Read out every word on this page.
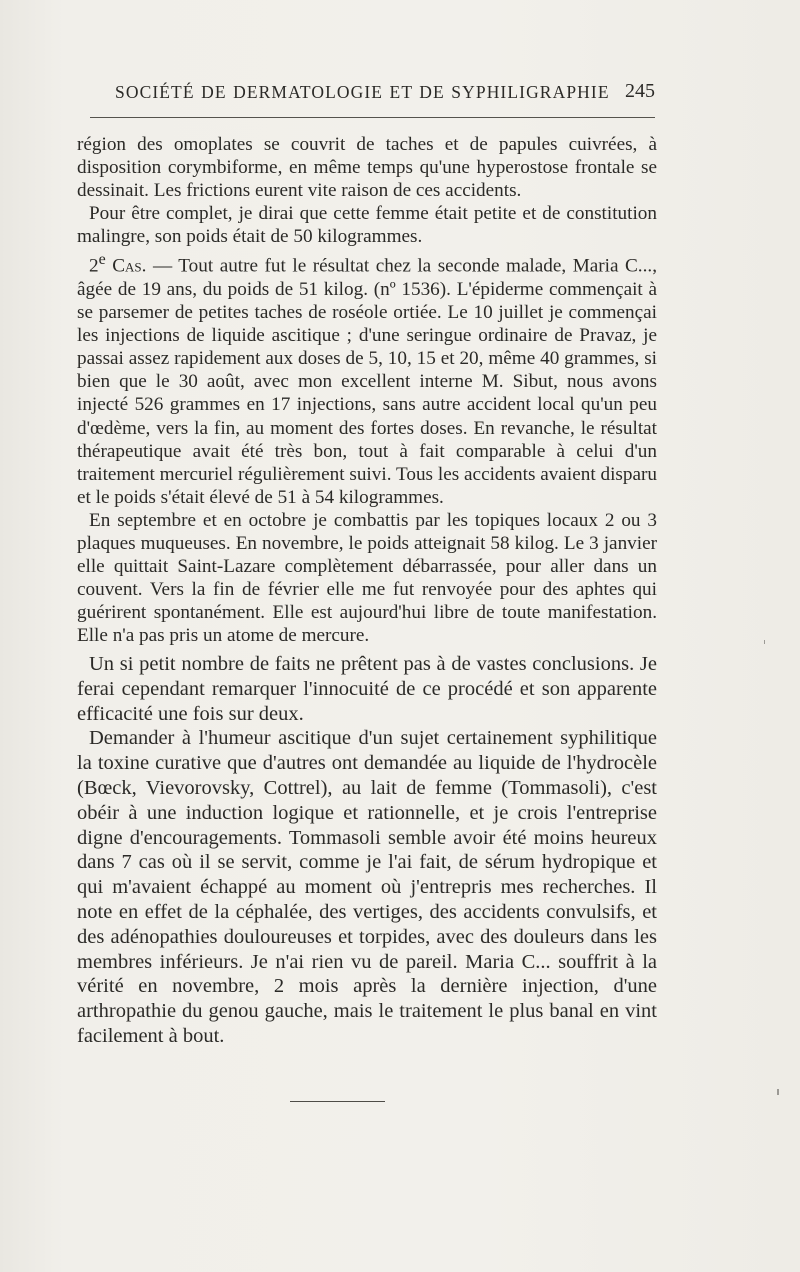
SOCIÉTÉ DE DERMATOLOGIE ET DE SYPHILIGRAPHIE 245

région des omoplates se couvrit de taches et de papules cuivrées, à disposition corymbiforme, en même temps qu'une hyperostose frontale se dessinait. Les frictions eurent vite raison de ces accidents.

Pour être complet, je dirai que cette femme était petite et de constitution malingre, son poids était de 50 kilogrammes.

2e Cas. — Tout autre fut le résultat chez la seconde malade, Maria C..., âgée de 19 ans, du poids de 51 kilog. (nº 1536). L'épiderme commençait à se parsemer de petites taches de roséole ortiée. Le 10 juillet je commençai les injections de liquide ascitique ; d'une seringue ordinaire de Pravaz, je passai assez rapidement aux doses de 5, 10, 15 et 20, même 40 grammes, si bien que le 30 août, avec mon excellent interne M. Sibut, nous avons injecté 526 grammes en 17 injections, sans autre accident local qu'un peu d'œdème, vers la fin, au moment des fortes doses. En revanche, le résultat thérapeutique avait été très bon, tout à fait comparable à celui d'un traitement mercuriel régulièrement suivi. Tous les accidents avaient disparu et le poids s'était élevé de 51 à 54 kilogrammes.

En septembre et en octobre je combattis par les topiques locaux 2 ou 3 plaques muqueuses. En novembre, le poids atteignait 58 kilog. Le 3 janvier elle quittait Saint-Lazare complètement débarrassée, pour aller dans un couvent. Vers la fin de février elle me fut renvoyée pour des aphtes qui guérirent spontanément. Elle est aujourd'hui libre de toute manifestation. Elle n'a pas pris un atome de mercure.

Un si petit nombre de faits ne prêtent pas à de vastes conclusions. Je ferai cependant remarquer l'innocuité de ce procédé et son apparente efficacité une fois sur deux.

Demander à l'humeur ascitique d'un sujet certainement syphilitique la toxine curative que d'autres ont demandée au liquide de l'hydrocèle (Bœck, Vievorovsky, Cottrel), au lait de femme (Tommasoli), c'est obéir à une induction logique et rationnelle, et je crois l'entreprise digne d'encouragements. Tommasoli semble avoir été moins heureux dans 7 cas où il se servit, comme je l'ai fait, de sérum hydropique et qui m'avaient échappé au moment où j'entrepris mes recherches. Il note en effet de la céphalée, des vertiges, des accidents convulsifs, et des adénopathies douloureuses et torpides, avec des douleurs dans les membres inférieurs. Je n'ai rien vu de pareil. Maria C... souffrit à la vérité en novembre, 2 mois après la dernière injection, d'une arthropathie du genou gauche, mais le traitement le plus banal en vint facilement à bout.
